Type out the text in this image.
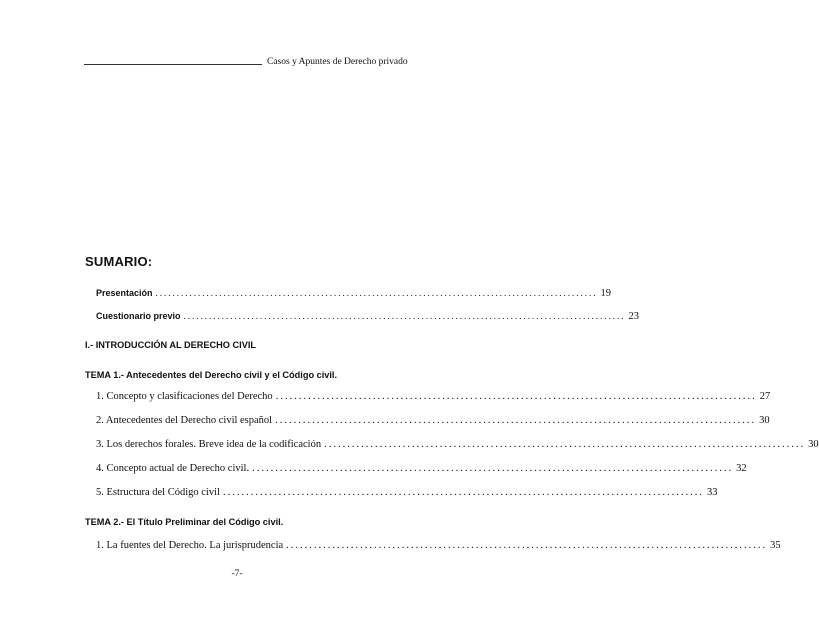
Casos y Apuntes de Derecho privado
SUMARIO:
Presentación ........................................................................................................ 19
Cuestionario previo ........................................................................................................ 23
I.- INTRODUCCIÓN AL DERECHO CIVIL
TEMA 1.- Antecedentes del Derecho civil y el Código civil.
1. Concepto y clasificaciones del Derecho ........................................................................................................ 27
2. Antecedentes del Derecho civil español ........................................................................................................ 30
3. Los derechos forales. Breve idea de la codificación ........................................................................................................ 30
4. Concepto actual de Derecho civil. ........................................................................................................ 32
5. Estructura del Código civil ........................................................................................................ 33
TEMA 2.- El Título Preliminar del Código civil.
1. La fuentes del Derecho. La jurisprudencia ........................................................................................................ 35
-7-
